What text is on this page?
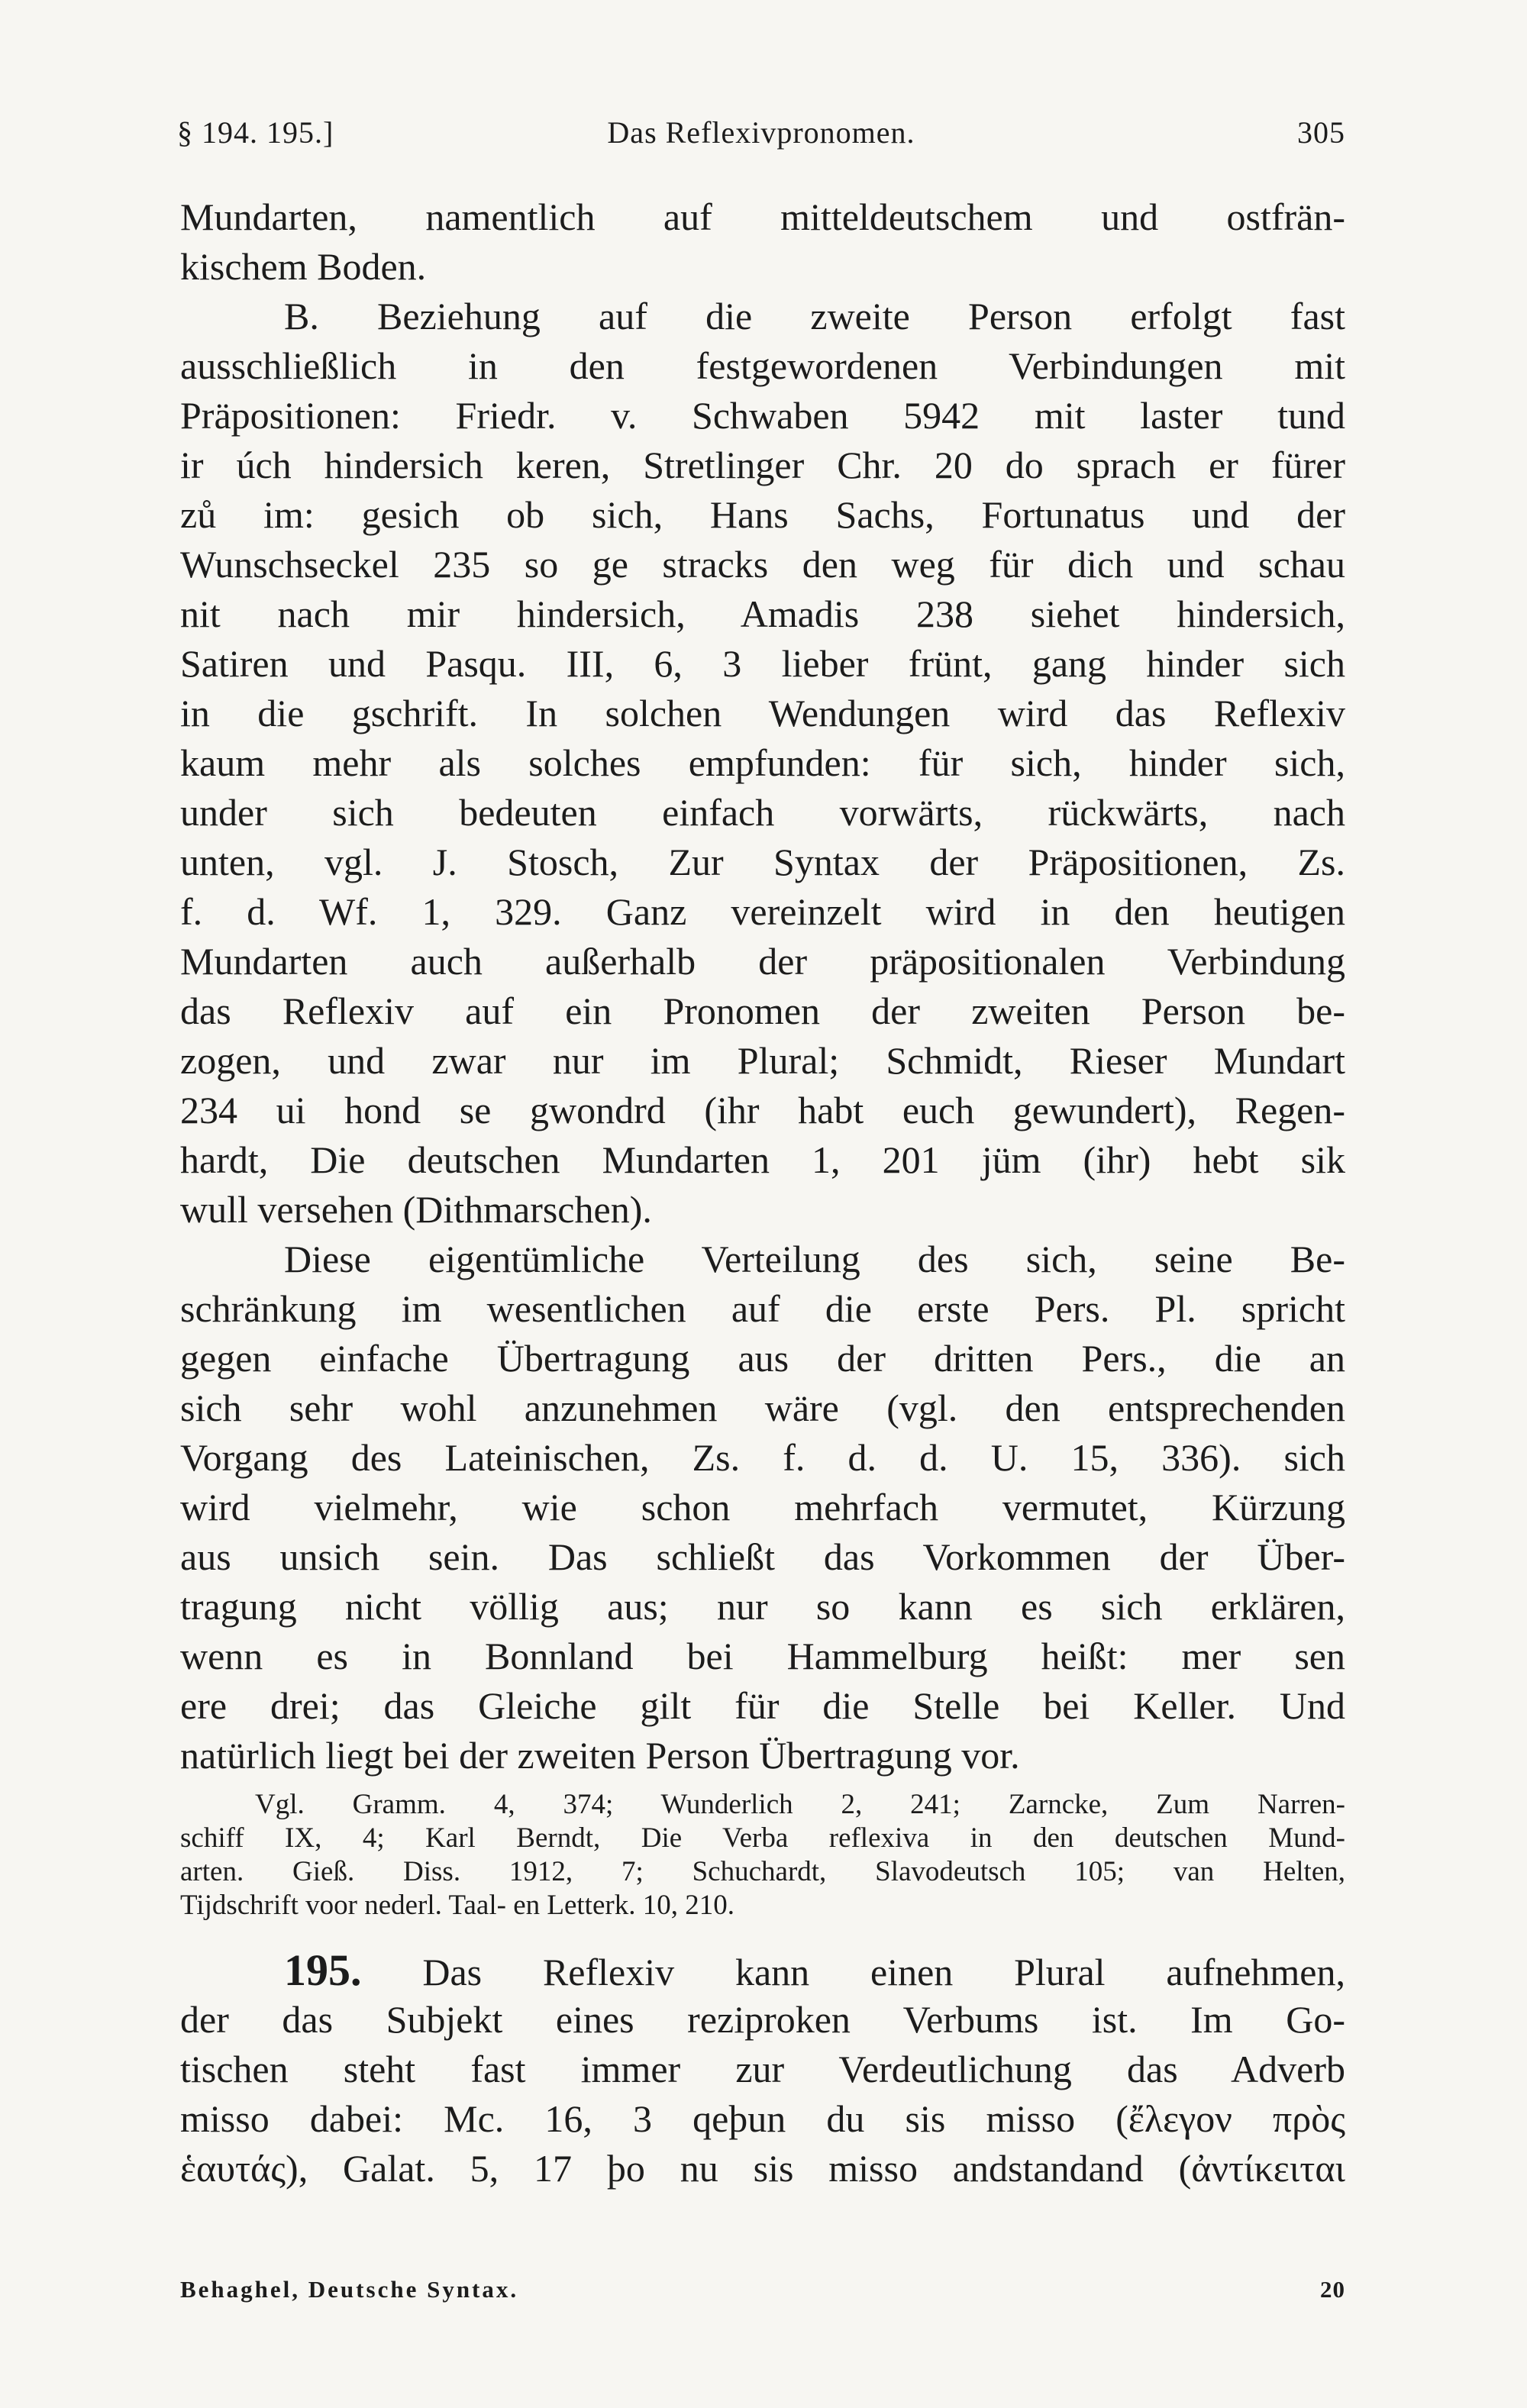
§ 194. 195.]	Das Reflexivpronomen.	305
Mundarten, namentlich auf mitteldeutschem und ostfrän-
kischem Boden.
B. Beziehung auf die zweite Person erfolgt fast
ausschließlich in den festgewordenen Verbindungen mit
Präpositionen: Friedr. v. Schwaben 5942 mit laster tund
ir úch hindersich keren, Stretlinger Chr. 20 do sprach er fürer
zů im: gesich ob sich, Hans Sachs, Fortunatus und der
Wunschseckel 235 so ge stracks den weg für dich und schau
nit nach mir hindersich, Amadis 238 siehet hindersich,
Satiren und Pasqu. III, 6, 3 lieber frünt, gang hinder sich
in die gschrift. In solchen Wendungen wird das Reflexiv
kaum mehr als solches empfunden: für sich, hinder sich,
under sich bedeuten einfach vorwärts, rückwärts, nach
unten, vgl. J. Stosch, Zur Syntax der Präpositionen, Zs.
f. d. Wf. 1, 329. Ganz vereinzelt wird in den heutigen
Mundarten auch außerhalb der präpositionalen Verbindung
das Reflexiv auf ein Pronomen der zweiten Person be-
zogen, und zwar nur im Plural; Schmidt, Rieser Mundart
234 ui hond se gwondrd (ihr habt euch gewundert), Regen-
hardt, Die deutschen Mundarten 1, 201 jüm (ihr) hebt sik
wull versehen (Dithmarschen).
Diese eigentümliche Verteilung des sich, seine Be-
schränkung im wesentlichen auf die erste Pers. Pl. spricht
gegen einfache Übertragung aus der dritten Pers., die an
sich sehr wohl anzunehmen wäre (vgl. den entsprechenden
Vorgang des Lateinischen, Zs. f. d. d. U. 15, 336). sich
wird vielmehr, wie schon mehrfach vermutet, Kürzung
aus unsich sein. Das schließt das Vorkommen der Über-
tragung nicht völlig aus; nur so kann es sich erklären,
wenn es in Bonnland bei Hammelburg heißt: mer sen
ere drei; das Gleiche gilt für die Stelle bei Keller. Und
natürlich liegt bei der zweiten Person Übertragung vor.
Vgl. Gramm. 4, 374; Wunderlich 2, 241; Zarncke, Zum Narren-
schiff IX, 4; Karl Berndt, Die Verba reflexiva in den deutschen Mund-
arten. Gieß. Diss. 1912, 7; Schuchardt, Slavodeutsch 105; van Helten,
Tijdschrift voor nederl. Taal- en Letterk. 10, 210.
195. Das Reflexiv kann einen Plural aufnehmen,
der das Subjekt eines reziproken Verbums ist. Im Go-
tischen steht fast immer zur Verdeutlichung das Adverb
misso dabei: Mc. 16, 3 qeþun du sis misso (ἔλεγον πρὸς
ἑαυτάς), Galat. 5, 17 þo nu sis misso andstandand (ἀντίκειται
Behaghel, Deutsche Syntax.	20
